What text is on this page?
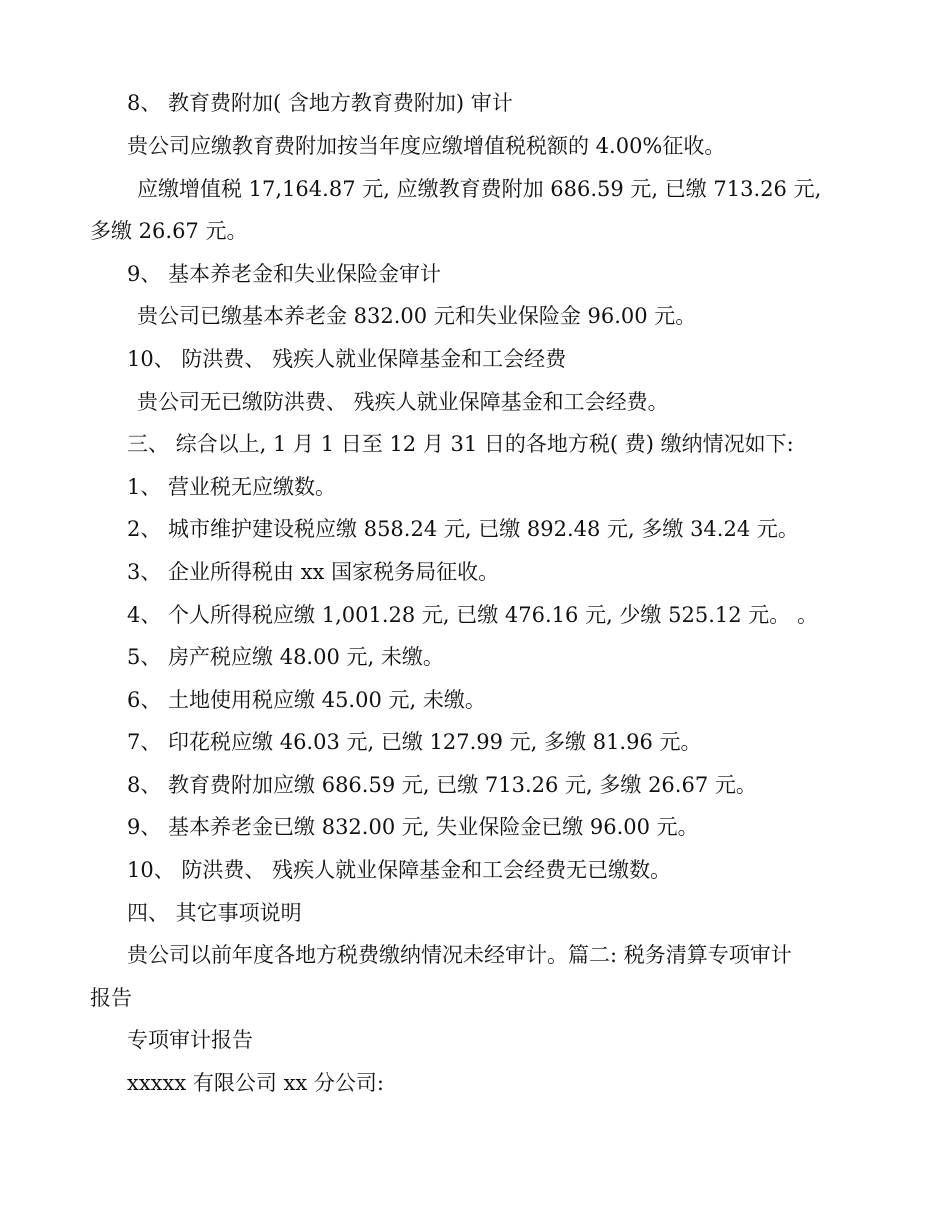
8、 教育费附加( 含地方教育费附加) 审计
贵公司应缴教育费附加按当年度应缴增值税税额的 4.00%征收。
应缴增值税 17,164.87 元, 应缴教育费附加 686.59 元, 已缴 713.26 元,
多缴 26.67 元。
9、 基本养老金和失业保险金审计
贵公司已缴基本养老金 832.00 元和失业保险金 96.00 元。
10、 防洪费、 残疾人就业保障基金和工会经费
贵公司无已缴防洪费、 残疾人就业保障基金和工会经费。
三、 综合以上, 1 月 1 日至 12 月 31 日的各地方税( 费) 缴纳情况如下:
1、 营业税无应缴数。
2、 城市维护建设税应缴 858.24 元, 已缴 892.48 元, 多缴 34.24 元。
3、 企业所得税由 xx 国家税务局征收。
4、 个人所得税应缴 1,001.28 元, 已缴 476.16 元, 少缴 525.12 元。 。
5、 房产税应缴 48.00 元, 未缴。
6、 土地使用税应缴 45.00 元, 未缴。
7、 印花税应缴 46.03 元, 已缴 127.99 元, 多缴 81.96 元。
8、 教育费附加应缴 686.59 元, 已缴 713.26 元, 多缴 26.67 元。
9、 基本养老金已缴 832.00 元, 失业保险金已缴 96.00 元。
10、 防洪费、 残疾人就业保障基金和工会经费无已缴数。
四、 其它事项说明
贵公司以前年度各地方税费缴纳情况未经审计。篇二: 税务清算专项审计
报告
专项审计报告
xxxxx 有限公司 xx 分公司:
